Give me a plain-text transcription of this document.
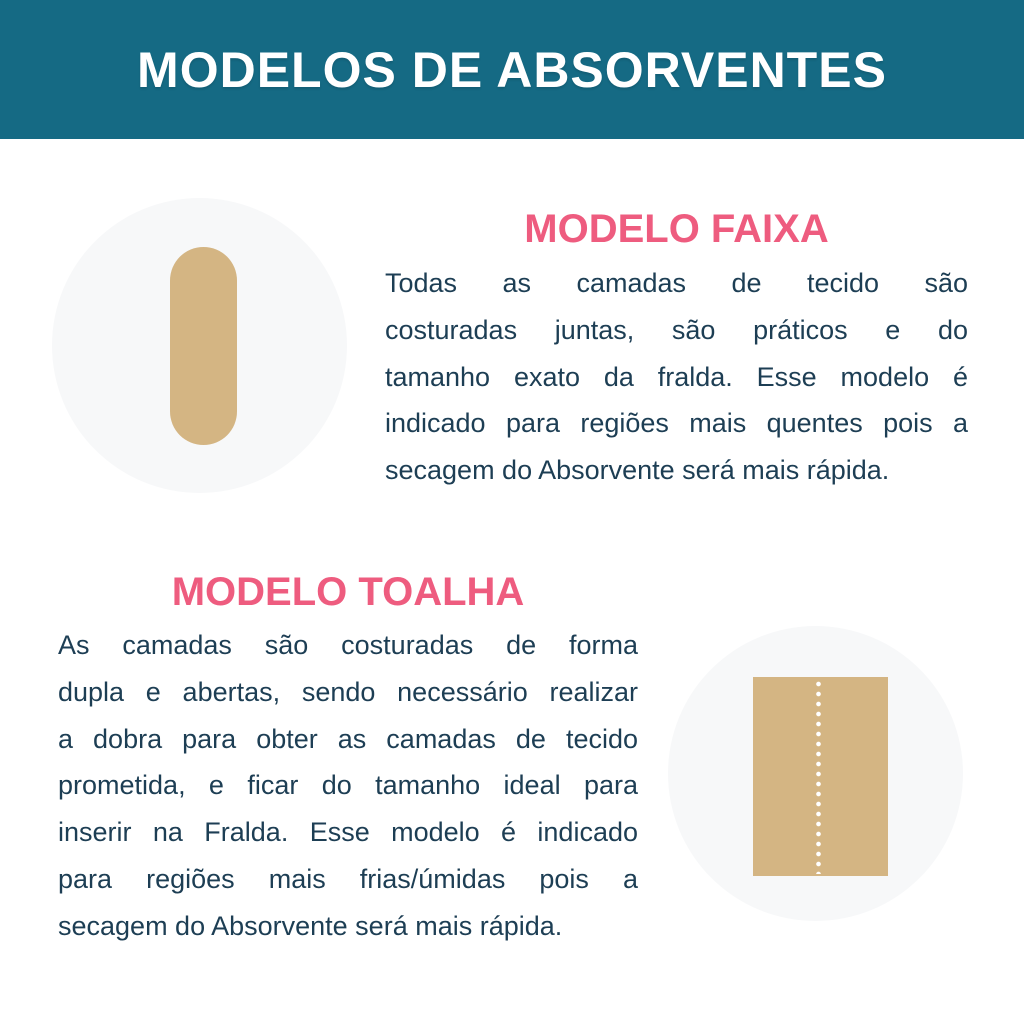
MODELOS DE ABSORVENTES
MODELO FAIXA
Todas as camadas de tecido são
costuradas juntas, são práticos e do
tamanho exato da fralda. Esse modelo é
indicado para regiões mais quentes pois a
secagem do Absorvente será mais rápida.
MODELO TOALHA
As camadas são costuradas de forma
dupla e abertas, sendo necessário realizar
a dobra para obter as camadas de tecido
prometida, e ficar do tamanho ideal para
inserir na Fralda. Esse modelo é indicado
para regiões mais frias/úmidas pois a
secagem do Absorvente será mais rápida.
